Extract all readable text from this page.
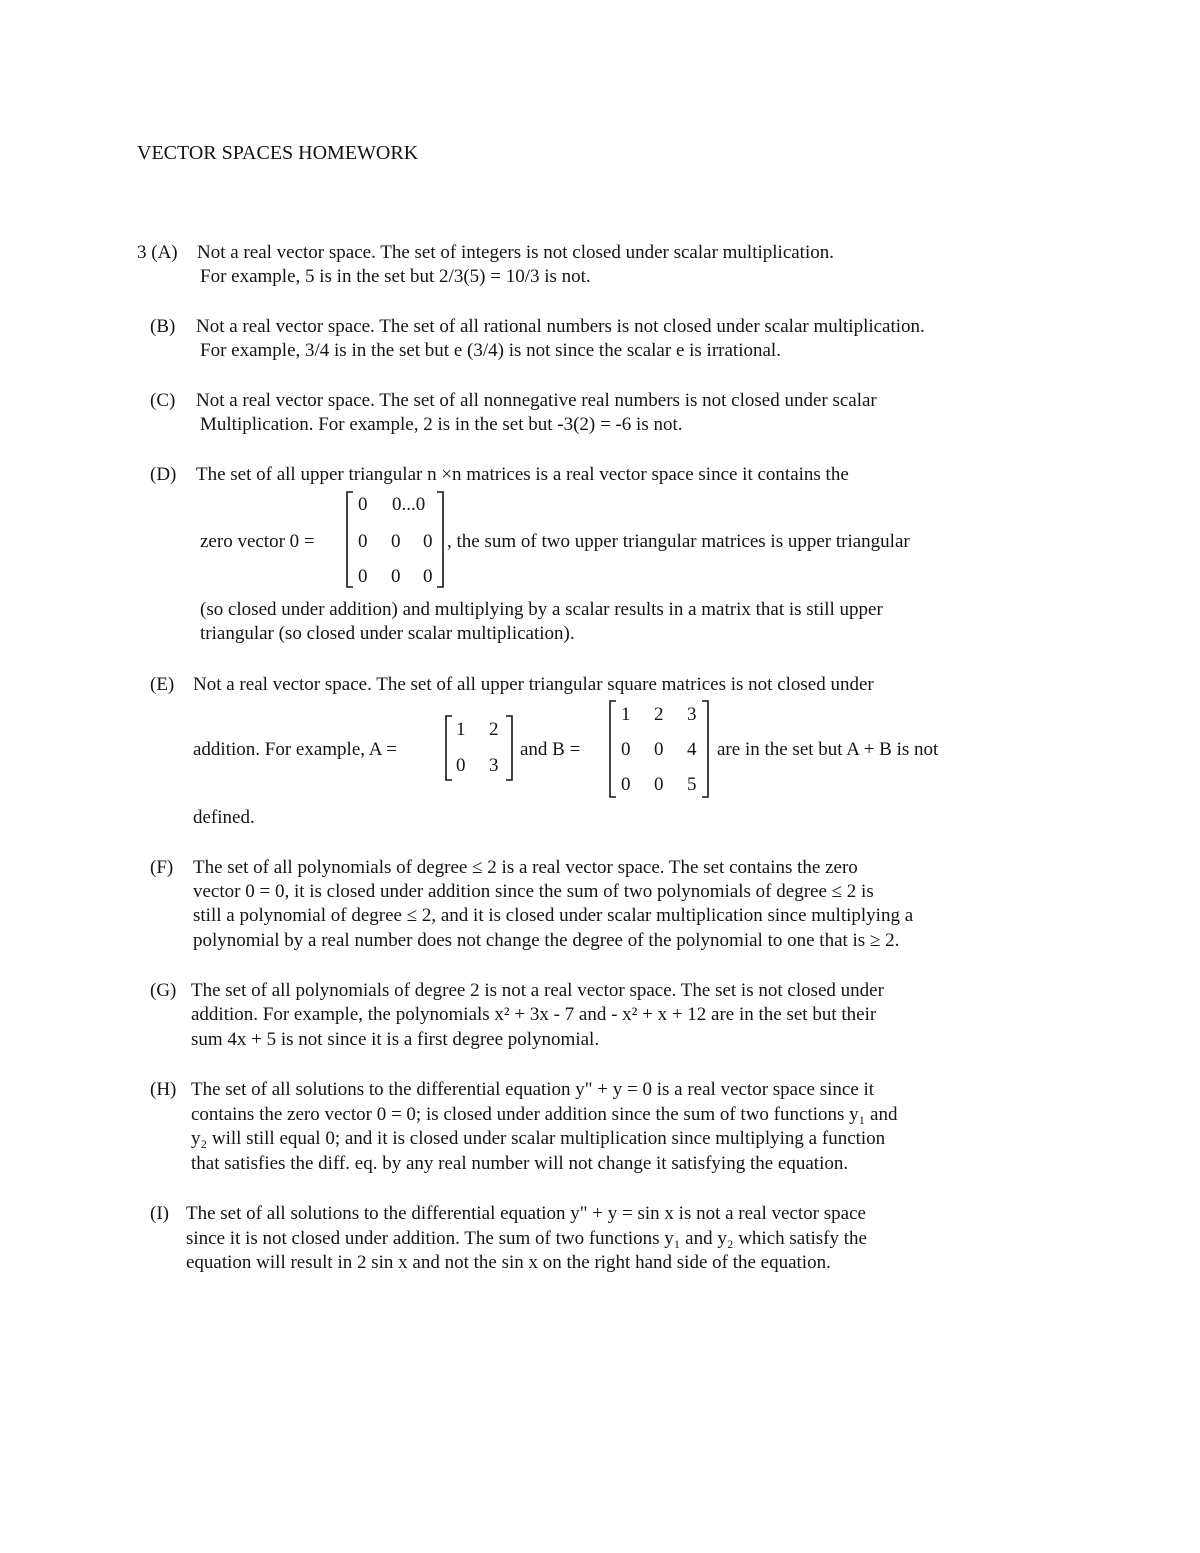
VECTOR SPACES HOMEWORK
3 (A) Not a real vector space. The set of integers is not closed under scalar multiplication.
For example, 5 is in the set but 2/3(5) = 10/3 is not.
(B) Not a real vector space. The set of all rational numbers is not closed under scalar multiplication.
For example, 3/4 is in the set but e (3/4) is not since the scalar e is irrational.
(C) Not a real vector space. The set of all nonnegative real numbers is not closed under scalar
Multiplication. For example, 2 is in the set but -3(2) = -6 is not.
(D) The set of all upper triangular n ×n matrices is a real vector space since it contains the
zero vector 0 =
0 0...0
0 0 0
0 0 0
, the sum of two upper triangular matrices is upper triangular
(so closed under addition) and multiplying by a scalar results in a matrix that is still upper
triangular (so closed under scalar multiplication).
(E) Not a real vector space. The set of all upper triangular square matrices is not closed under
addition. For example, A =
1 2
0 3
and B =
1 2 3
0 0 4
0 0 5
are in the set but A + B is not
defined.
(F) The set of all polynomials of degree ≤ 2 is a real vector space. The set contains the zero
vector 0 = 0, it is closed under addition since the sum of two polynomials of degree ≤ 2 is
still a polynomial of degree ≤ 2, and it is closed under scalar multiplication since multiplying a
polynomial by a real number does not change the degree of the polynomial to one that is ≥ 2.
(G) The set of all polynomials of degree 2 is not a real vector space. The set is not closed under
addition. For example, the polynomials x² + 3x - 7 and - x² + x + 12 are in the set but their
sum 4x + 5 is not since it is a first degree polynomial.
(H) The set of all solutions to the differential equation y" + y = 0 is a real vector space since it
contains the zero vector 0 = 0; is closed under addition since the sum of two functions y₁ and
y₂ will still equal 0; and it is closed under scalar multiplication since multiplying a function
that satisfies the diff. eq. by any real number will not change it satisfying the equation.
(I) The set of all solutions to the differential equation y" + y = sin x is not a real vector space
since it is not closed under addition. The sum of two functions y₁ and y₂ which satisfy the
equation will result in 2 sin x and not the sin x on the right hand side of the equation.
